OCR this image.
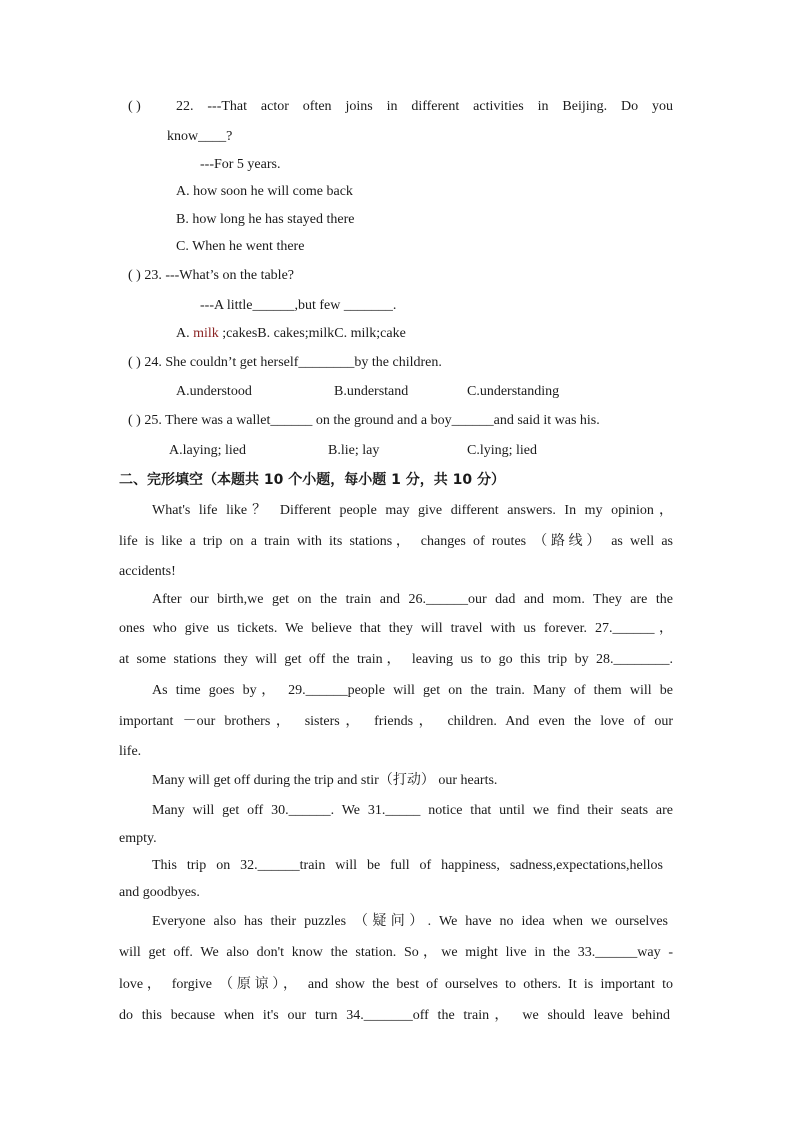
( )	22. ---That actor often joins in different activities in Beijing. Do you
know____?
---For 5 years.
A. how soon he will come back
B. how long he has stayed there
C. When he went there
( ) 23. ---What’s on the table?
---A little______,but few _______.
A. milk ;cakesB. cakes;milkC. milk;cake
( ) 24. She couldn’t get herself________by the children.
A.understood	B.understand	C.understanding
( ) 25. There was a wallet______ on the ground and a boy______and said it was his.
A.laying; lied	B.lie; lay	C.lying; lied
二、完形填空（本题共 10 个小题，每小题 1 分，共 10 分）
What's life like？ Different people may give different answers. In my opinion，
life is like a trip on a train with its stations， changes of routes （路线） as well as
accidents!
After our birth,we get on the train and 26.______our dad and mom. They are the
ones who give us tickets. We believe that they will travel with us forever. 27.______，
at some stations they will get off the train， leaving us to go this trip by 28.________.
As time goes by， 29.______people will get on the train. Many of them will be
important －our brothers， sisters， friends， children. And even the love of our
life.
Many will get off during the trip and stir（打动） our hearts.
Many will get off 30.______. We 31._____ notice that until we find their seats are
empty.
This trip on 32.______train will be full of happiness, sadness,expectations,hellos
and goodbyes.
Everyone also has their puzzles （疑问）. We have no idea when we ourselves
will get off. We also don't know the station. So，we might live in the 33.______way -
love， forgive （原谅）， and show the best of ourselves to others. It is important to
do this because when it's our turn 34._______off the train， we should leave behind
